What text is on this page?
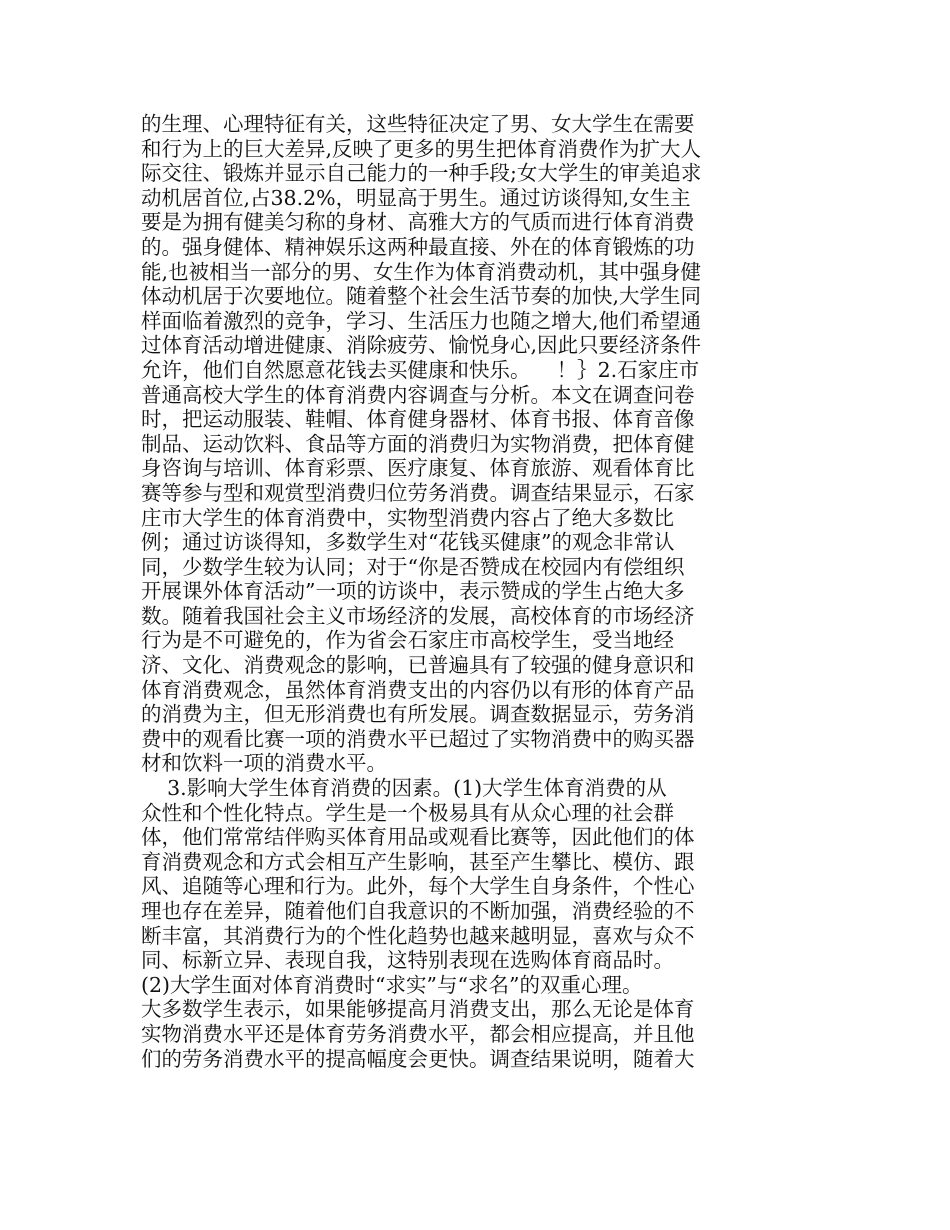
的生理、心理特征有关，这些特征决定了男、女大学生在需要
和行为上的巨大差异,反映了更多的男生把体育消费作为扩大人
际交往、锻炼并显示自己能力的一种手段;女大学生的审美追求
动机居首位,占38.2%，明显高于男生。通过访谈得知,女生主
要是为拥有健美匀称的身材、高雅大方的气质而进行体育消费
的。强身健体、精神娱乐这两种最直接、外在的体育锻炼的功
能,也被相当一部分的男、女生作为体育消费动机，其中强身健
体动机居于次要地位。随着整个社会生活节奏的加快,大学生同
样面临着激烈的竞争，学习、生活压力也随之增大,他们希望通
过体育活动增进健康、消除疲劳、愉悦身心,因此只要经济条件
允许，他们自然愿意花钱去买健康和快乐。    ！｝2.石家庄市
普通高校大学生的体育消费内容调查与分析。本文在调查问卷
时，把运动服装、鞋帽、体育健身器材、体育书报、体育音像
制品、运动饮料、食品等方面的消费归为实物消费，把体育健
身咨询与培训、体育彩票、医疗康复、体育旅游、观看体育比
赛等参与型和观赏型消费归位劳务消费。调查结果显示，石家
庄市大学生的体育消费中，实物型消费内容占了绝大多数比
例；通过访谈得知，多数学生对“花钱买健康”的观念非常认
同，少数学生较为认同；对于“你是否赞成在校园内有偿组织
开展课外体育活动”一项的访谈中，表示赞成的学生占绝大多
数。随着我国社会主义市场经济的发展，高校体育的市场经济
行为是不可避免的，作为省会石家庄市高校学生，受当地经
济、文化、消费观念的影响，已普遍具有了较强的健身意识和
体育消费观念，虽然体育消费支出的内容仍以有形的体育产品
的消费为主，但无形消费也有所发展。调查数据显示，劳务消
费中的观看比赛一项的消费水平已超过了实物消费中的购买器
材和饮料一项的消费水平。
3.影响大学生体育消费的因素。(1)大学生体育消费的从
众性和个性化特点。学生是一个极易具有从众心理的社会群
体，他们常常结伴购买体育用品或观看比赛等，因此他们的体
育消费观念和方式会相互产生影响，甚至产生攀比、模仿、跟
风、追随等心理和行为。此外，每个大学生自身条件，个性心
理也存在差异，随着他们自我意识的不断加强，消费经验的不
断丰富，其消费行为的个性化趋势也越来越明显，喜欢与众不
同、标新立异、表现自我，这特别表现在选购体育商品时。
(2)大学生面对体育消费时“求实”与“求名”的双重心理。
大多数学生表示，如果能够提高月消费支出，那么无论是体育
实物消费水平还是体育劳务消费水平，都会相应提高，并且他
们的劳务消费水平的提高幅度会更快。调查结果说明，随着大
